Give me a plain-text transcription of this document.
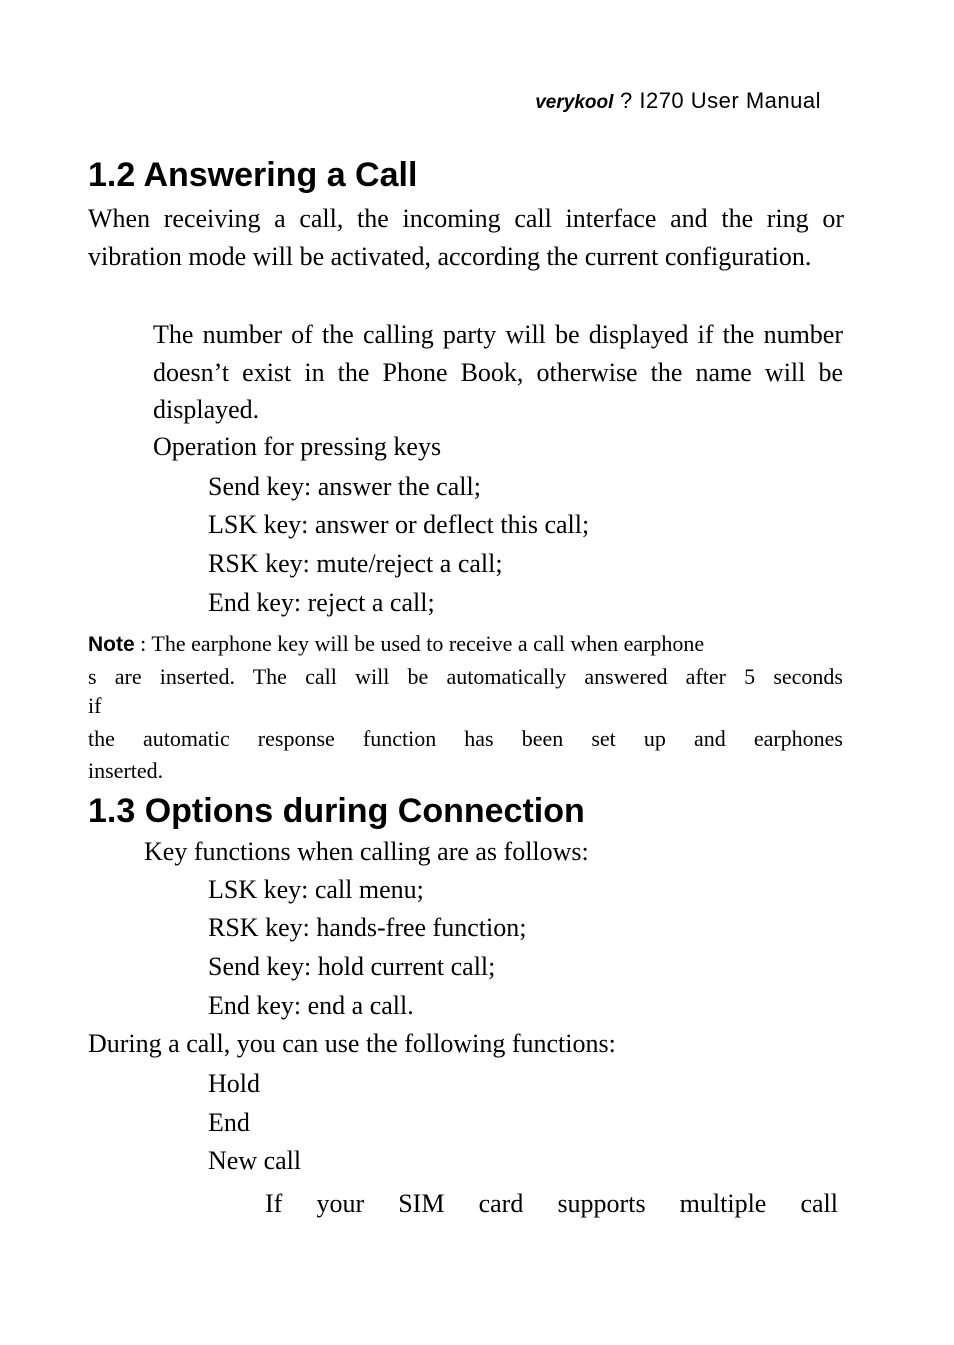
verykool ? I270 User Manual
1.2 Answering a Call

When receiving a call, the incoming call interface and the ring or vibration mode will be activated, according the current configuration.

The number of the calling party will be displayed if the number doesn’t exist in the Phone Book, otherwise the name will be displayed.

Operation for pressing keys

Send key: answer the call;

LSK key: answer or deflect this call;

RSK key: mute/reject a call;

End key: reject a call;

Note : The earphone key will be used to receive a call when earphone
s are inserted. The call will be automatically answered after 5 seconds
if
the automatic response function has been set up and earphones
inserted.
1.3 Options during Connection

Key functions when calling are as follows:

LSK key: call menu;

RSK key: hands-free function;

Send key: hold current call;

End key: end a call.

During a call, you can use the following functions:

Hold

End

New call

If your SIM card supports multiple call
